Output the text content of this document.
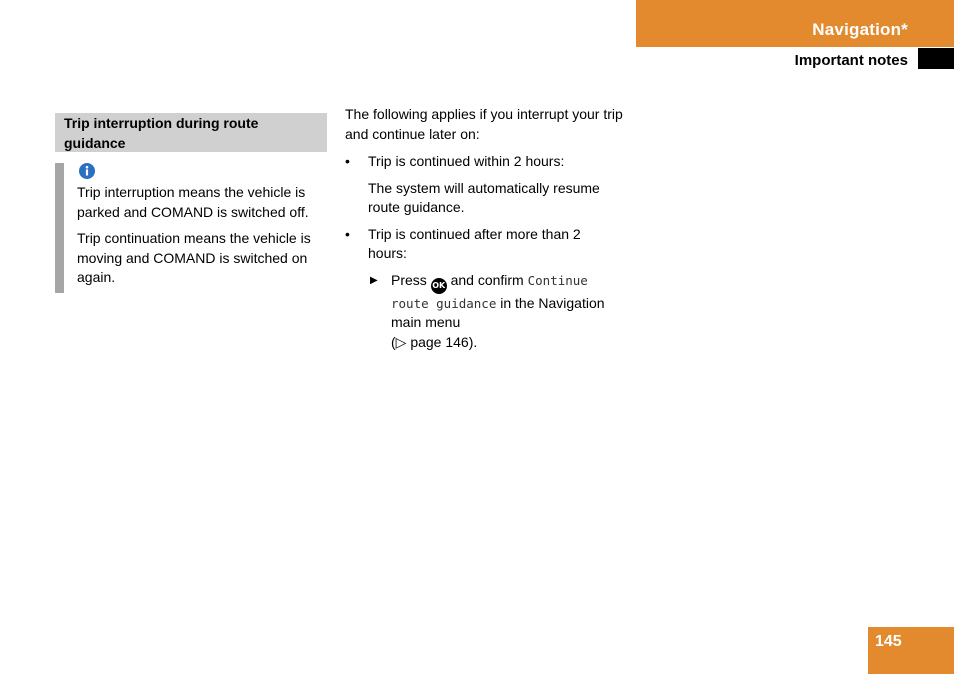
Navigation*
Important notes
Trip interruption during route guidance

Trip interruption means the vehicle is parked and COMAND is switched off.

Trip continuation means the vehicle is moving and COMAND is switched on again.

The following applies if you interrupt your trip and continue later on:

•	Trip is continued within 2 hours:

The system will automatically resume route guidance.

•	Trip is continued after more than 2 hours:
▶ Press OK and confirm Continue route guidance in the Navigation main menu
(▷ page 146).
145
